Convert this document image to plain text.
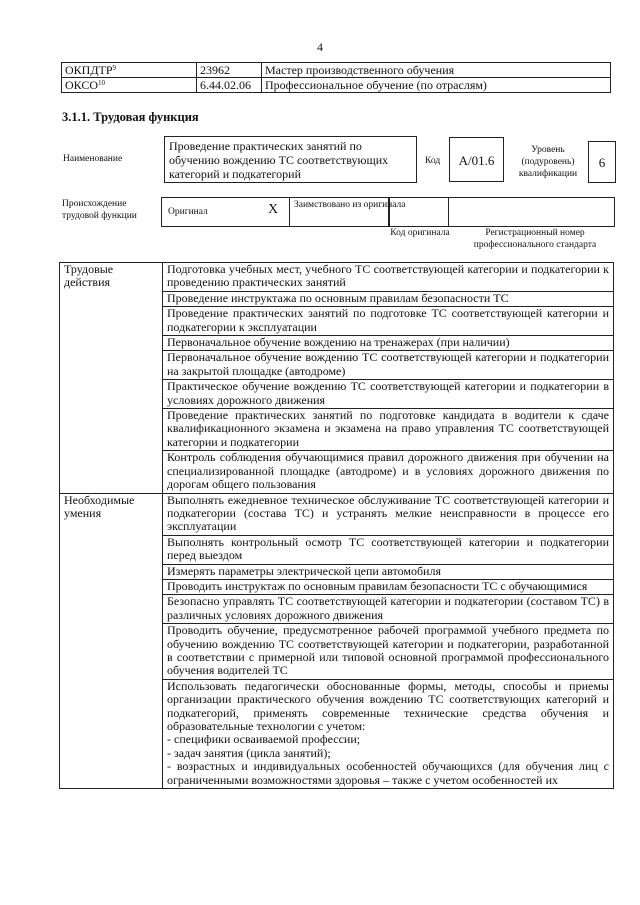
4
ОКПДТР$^9$	23962	Мастер производственного обучения
ОКСО$^{10}$	6.44.02.06	Профессиональное обучение (по отраслям)
3.1.1. Трудовая функция
Наименование
Проведение практических занятий по обучению вождению ТС соответствующих категорий и подкатегорий
Код	A/01.6
Уровень (подуровень) квалификации
6
Происхождение трудовой функции	Оригинал	X Заимствовано из оригинала
Код оригинала	Регистрационный номер профессионального стандарта
Трудовые действия	Подготовка учебных мест, учебного ТС соответствующей категории и подкатегории к проведению практических занятий
	Проведение инструктажа по основным правилам безопасности ТС
	Проведение практических занятий по подготовке ТС соответствующей категории и подкатегории к эксплуатации
	Первоначальное обучение вождению на тренажерах (при наличии)
	Первоначальное обучение вождению ТС соответствующей категории и подкатегории на закрытой площадке (автодроме)
	Практическое обучение вождению ТС соответствующей категории и подкатегории в условиях дорожного движения
	Проведение практических занятий по подготовке кандидата в водители к сдаче квалификационного экзамена и экзамена на право управления ТС соответствующей категории и подкатегории
	Контроль соблюдения обучающимися правил дорожного движения при обучении на специализированной площадке (автодроме) и в условиях дорожного движения по дорогам общего пользования
Необходимые умения	Выполнять ежедневное техническое обслуживание ТС соответствующей категории и подкатегории (состава ТС) и устранять мелкие неисправности в процессе его эксплуатации
	Выполнять контрольный осмотр ТС соответствующей категории и подкатегории перед выездом
	Измерять параметры электрической цепи автомобиля
	Проводить инструктаж по основным правилам безопасности ТС с обучающимися
	Безопасно управлять ТС соответствующей категории и подкатегории (составом ТС) в различных условиях дорожного движения
	Проводить обучение, предусмотренное рабочей программой учебного предмета по обучению вождению ТС соответствующей категории и подкатегории, разработанной в соответствии с примерной или типовой основной программой профессионального обучения водителей ТС
	Использовать педагогически обоснованные формы, методы, способы и приемы организации практического обучения вождению ТС соответствующих категорий и подкатегорий, применять современные технические средства обучения и образовательные технологии с учетом:
- специфики осваиваемой профессии;
- задач занятия (цикла занятий);
- возрастных и индивидуальных особенностей обучающихся (для обучения лиц с ограниченными возможностями здоровья – также с учетом особенностей их
